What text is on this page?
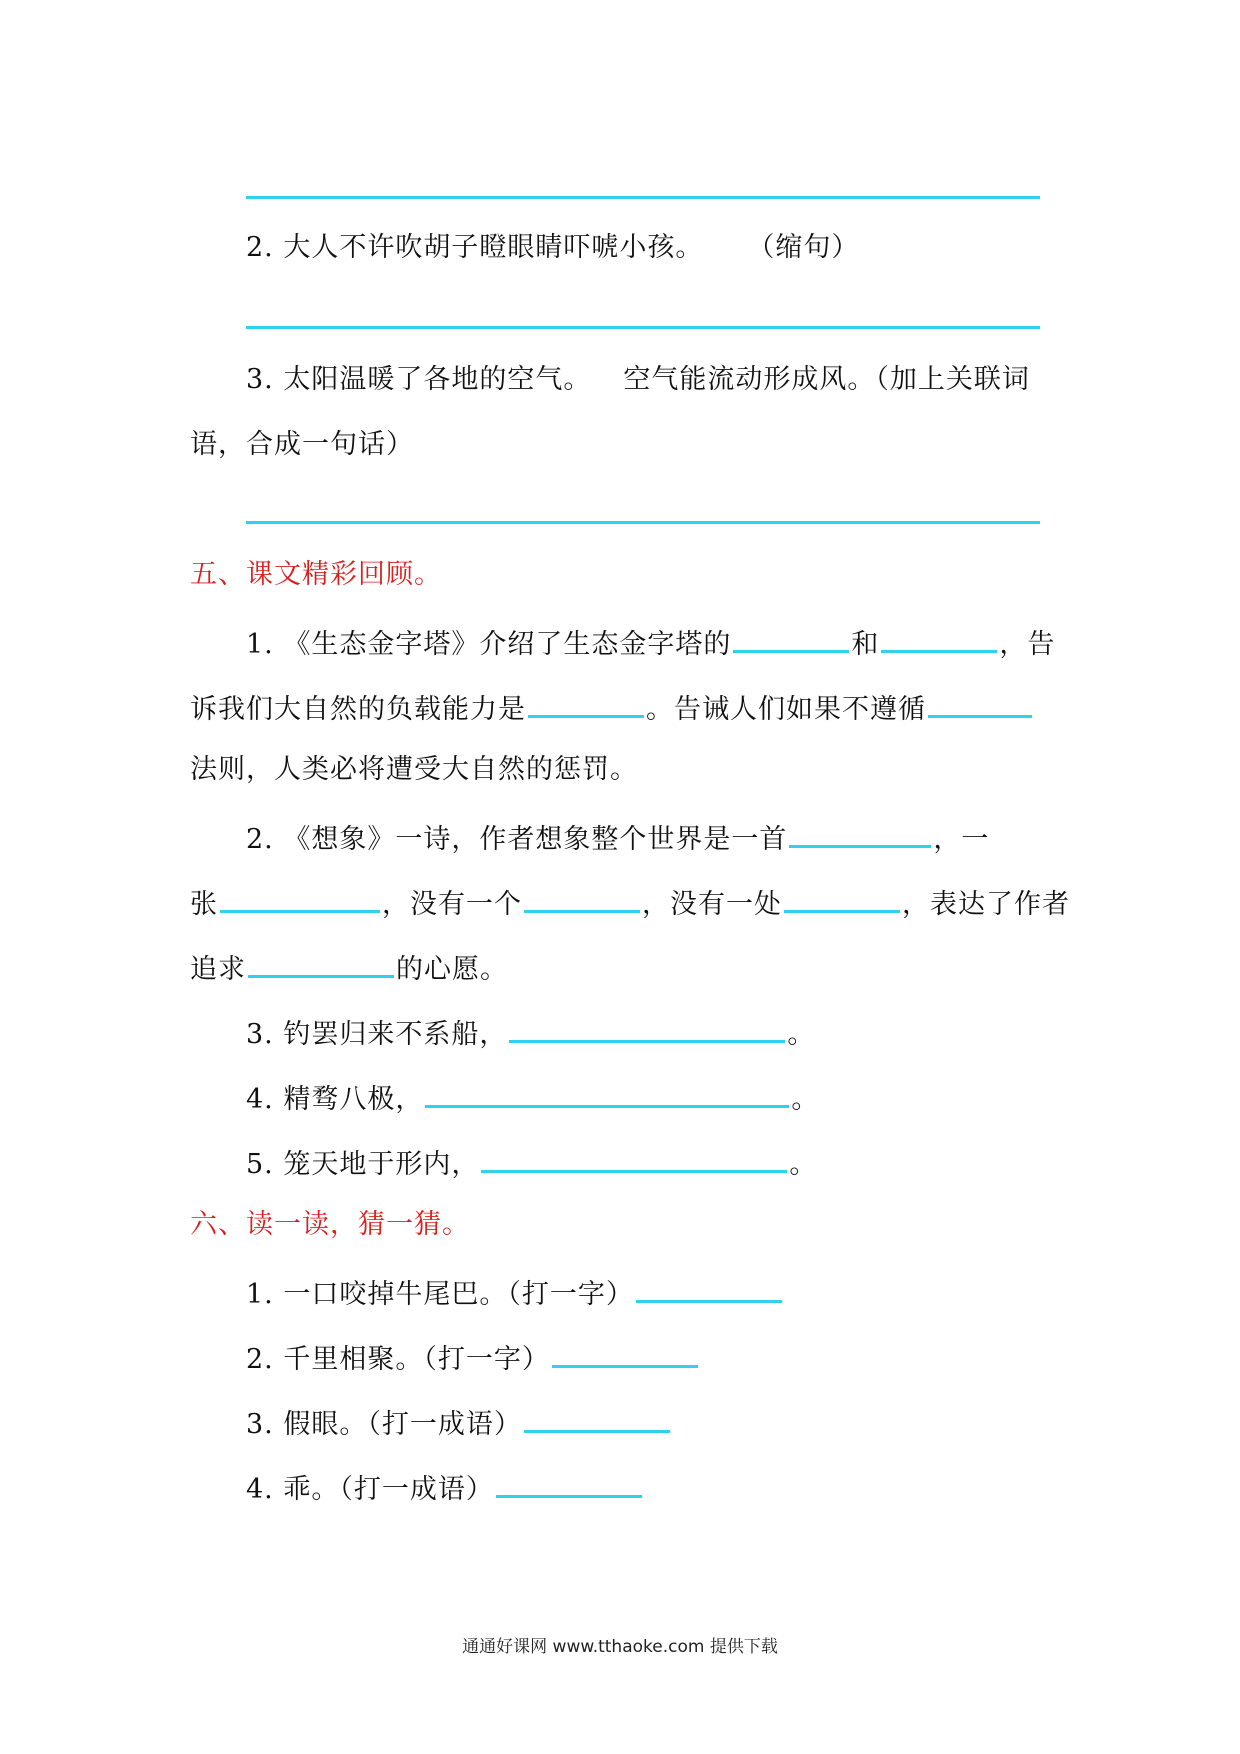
2. 大人不许吹胡子瞪眼睛吓唬小孩。 （缩句）
3. 太阳温暖了各地的空气。 空气能流动形成风。（加上关联词
语，合成一句话）
五、课文精彩回顾。
1. 《生态金字塔》介绍了生态金字塔的	和	，告
诉我们大自然的负载能力是	。告诫人们如果不遵循
法则，人类必将遭受大自然的惩罚。
2. 《想象》一诗，作者想象整个世界是一首	，一
张	，没有一个	，没有一处	，表达了作者
追求	的心愿。
3. 钓罢归来不系船，	。
4. 精骛八极，	。
5. 笼天地于形内，	。
六、读一读，猜一猜。
1. 一口咬掉牛尾巴。（打一字）
2. 千里相聚。（打一字）
3. 假眼。（打一成语）
4. 乖。（打一成语）
通通好课网 www.tthaoke.com 提供下载
